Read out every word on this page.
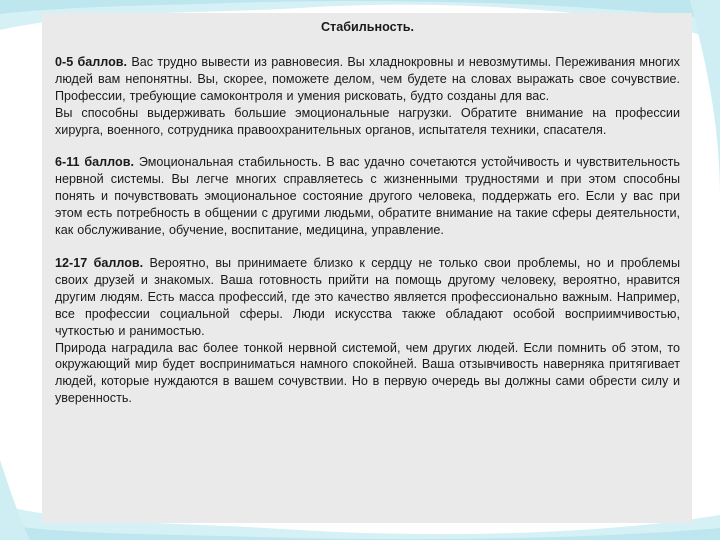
Стабильность.

0-5 баллов. Вас трудно вывести из равновесия. Вы хладнокровны и невозмутимы. Переживания многих людей вам непонятны. Вы, скорее, поможете делом, чем будете на словах выражать свое сочувствие. Профессии, требующие самоконтроля и умения рисковать, будто созданы для вас.

Вы способны выдерживать большие эмоциональные нагрузки. Обратите внимание на профессии хирурга, военного, сотрудника правоохранительных органов, испытателя техники, спасателя.

6-11 баллов. Эмоциональная стабильность. В вас удачно сочетаются устойчивость и чувствительность нервной системы. Вы легче многих справляетесь с жизненными трудностями и при этом способны понять и почувствовать эмоциональное состояние другого человека, поддержать его. Если у вас при этом есть потребность в общении с другими людьми, обратите внимание на такие сферы деятельности, как обслуживание, обучение, воспитание, медицина, управление.

12-17 баллов. Вероятно, вы принимаете близко к сердцу не только свои проблемы, но и проблемы своих друзей и знакомых. Ваша готовность прийти на помощь другому человеку, вероятно, нравится другим людям. Есть масса профессий, где это качество является профессионально важным. Например, все профессии социальной сферы. Люди искусства также обладают особой восприимчивостью, чуткостью и ранимостью.

Природа наградила вас более тонкой нервной системой, чем других людей. Если помнить об этом, то окружающий мир будет восприниматься намного спокойней. Ваша отзывчивость наверняка притягивает людей, которые нуждаются в вашем сочувствии. Но в первую очередь вы должны сами обрести силу и уверенность.
